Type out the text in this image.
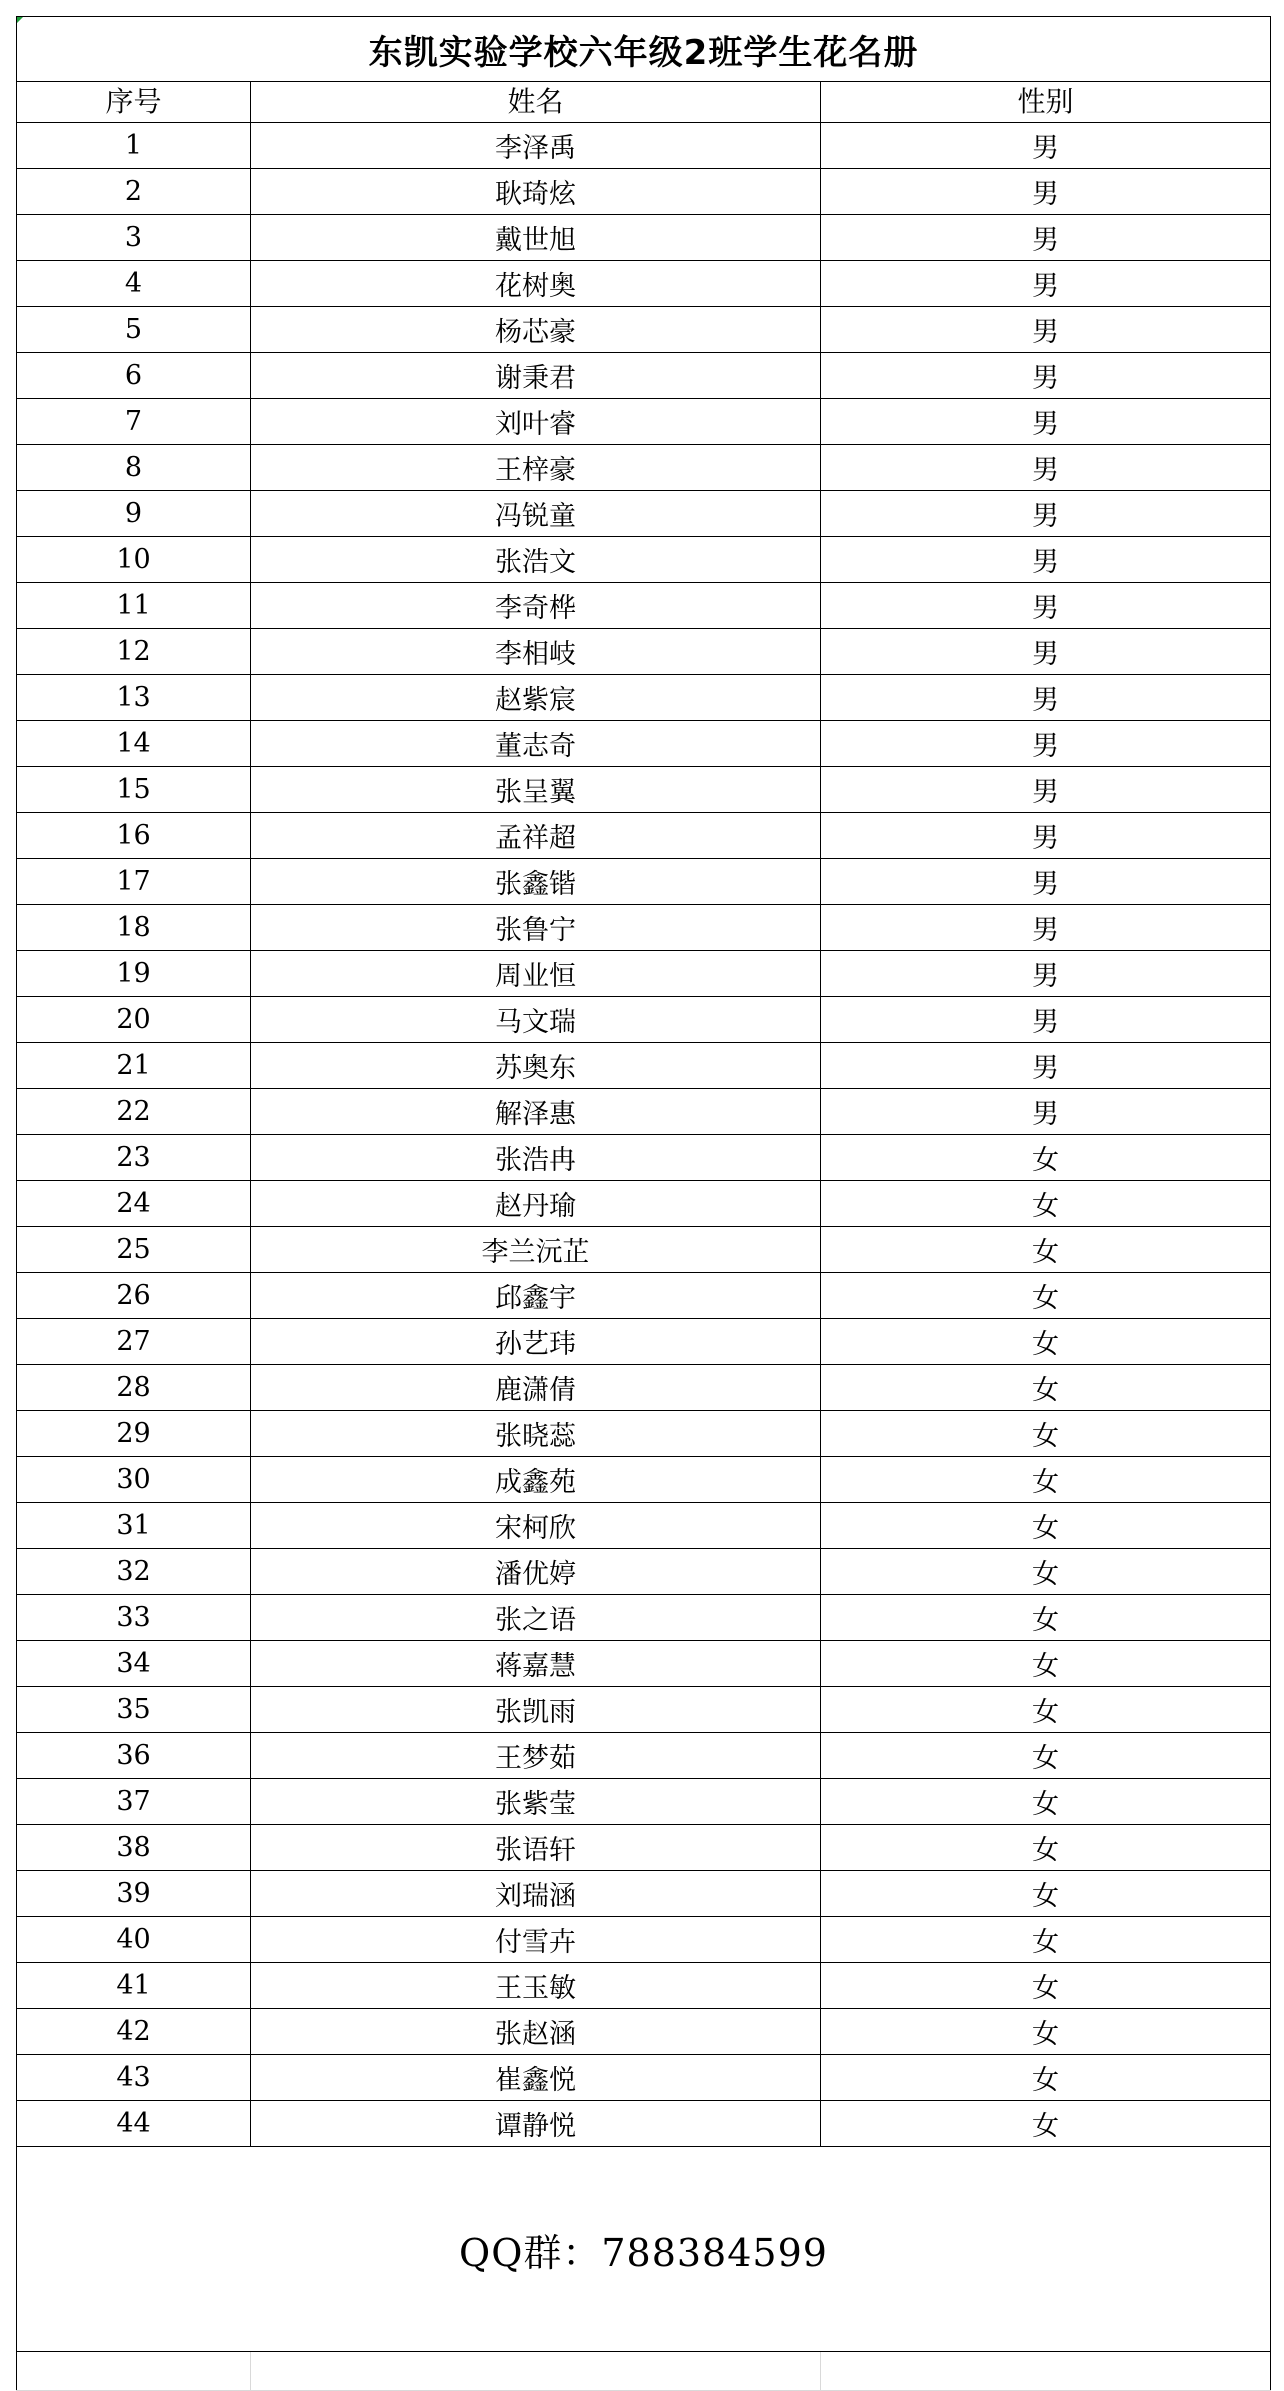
东凯实验学校六年级2班学生花名册		
序号	姓名	性别
1	李泽禹	男
2	耿琦炫	男
3	戴世旭	男
4	花树奥	男
5	杨芯豪	男
6	谢秉君	男
7	刘叶睿	男
8	王梓豪	男
9	冯锐童	男
10	张浩文	男
11	李奇桦	男
12	李相岐	男
13	赵紫宸	男
14	董志奇	男
15	张呈翼	男
16	孟祥超	男
17	张鑫锴	男
18	张鲁宁	男
19	周业恒	男
20	马文瑞	男
21	苏奥东	男
22	解泽惠	男
23	张浩冉	女
24	赵丹瑜	女
25	李兰沅芷	女
26	邱鑫宇	女
27	孙艺玮	女
28	鹿潇倩	女
29	张晓蕊	女
30	成鑫苑	女
31	宋柯欣	女
32	潘优婷	女
33	张之语	女
34	蒋嘉慧	女
35	张凯雨	女
36	王梦茹	女
37	张紫莹	女
38	张语轩	女
39	刘瑞涵	女
40	付雪卉	女
41	王玉敏	女
42	张赵涵	女
43	崔鑫悦	女
44	谭静悦	女
QQ群：788384599		
